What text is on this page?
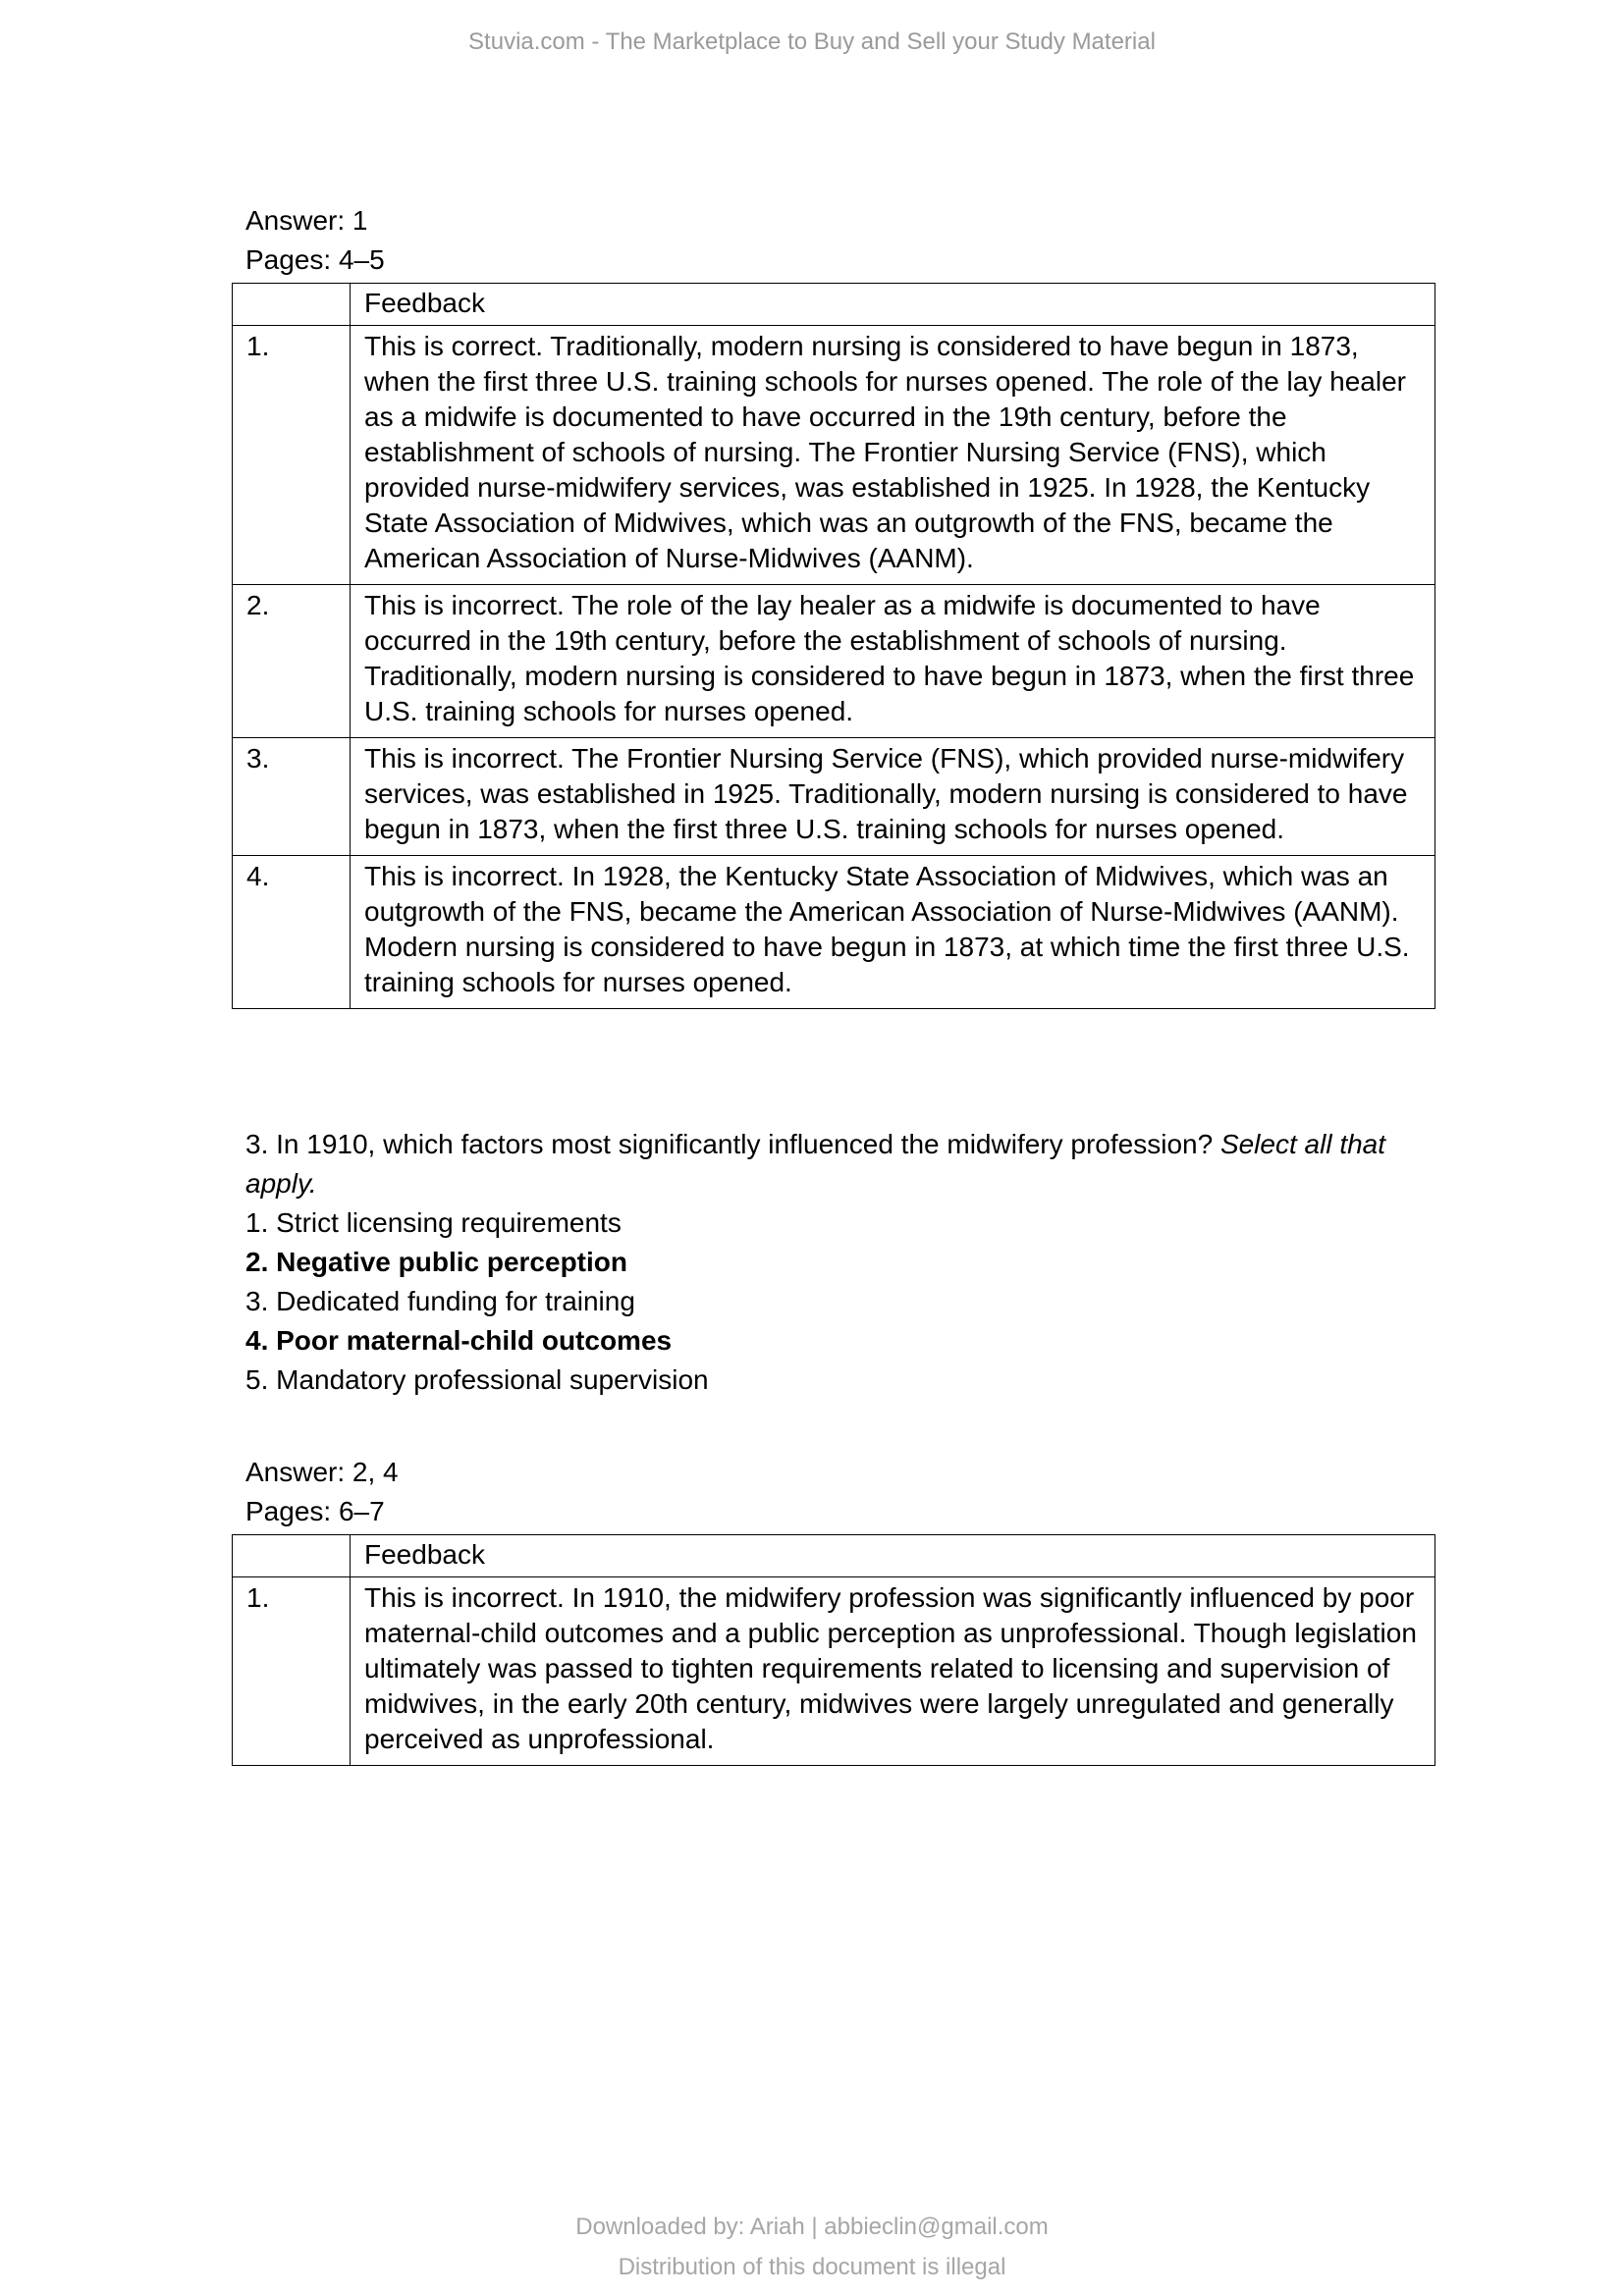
Stuvia.com - The Marketplace to Buy and Sell your Study Material
Answer: 1
Pages: 4–5
	Feedback
1.	This is correct. Traditionally, modern nursing is considered to have begun in 1873, when the first three U.S. training schools for nurses opened. The role of the lay healer as a midwife is documented to have occurred in the 19th century, before the establishment of schools of nursing. The Frontier Nursing Service (FNS), which provided nurse-midwifery services, was established in 1925. In 1928, the Kentucky State Association of Midwives, which was an outgrowth of the FNS, became the American Association of Nurse-Midwives (AANM).
2.	This is incorrect. The role of the lay healer as a midwife is documented to have occurred in the 19th century, before the establishment of schools of nursing. Traditionally, modern nursing is considered to have begun in 1873, when the first three U.S. training schools for nurses opened.
3.	This is incorrect. The Frontier Nursing Service (FNS), which provided nurse-midwifery services, was established in 1925. Traditionally, modern nursing is considered to have begun in 1873, when the first three U.S. training schools for nurses opened.
4.	This is incorrect. In 1928, the Kentucky State Association of Midwives, which was an outgrowth of the FNS, became the American Association of Nurse-Midwives (AANM). Modern nursing is considered to have begun in 1873, at which time the first three U.S. training schools for nurses opened.
3. In 1910, which factors most significantly influenced the midwifery profession? Select all that apply.
1. Strict licensing requirements
2. Negative public perception
3. Dedicated funding for training
4. Poor maternal-child outcomes
5. Mandatory professional supervision
Answer: 2, 4
Pages: 6–7
	Feedback
1.	This is incorrect. In 1910, the midwifery profession was significantly influenced by poor maternal-child outcomes and a public perception as unprofessional. Though legislation ultimately was passed to tighten requirements related to licensing and supervision of midwives, in the early 20th century, midwives were largely unregulated and generally perceived as unprofessional.
Downloaded by: Ariah | abbieclin@gmail.com
Distribution of this document is illegal
